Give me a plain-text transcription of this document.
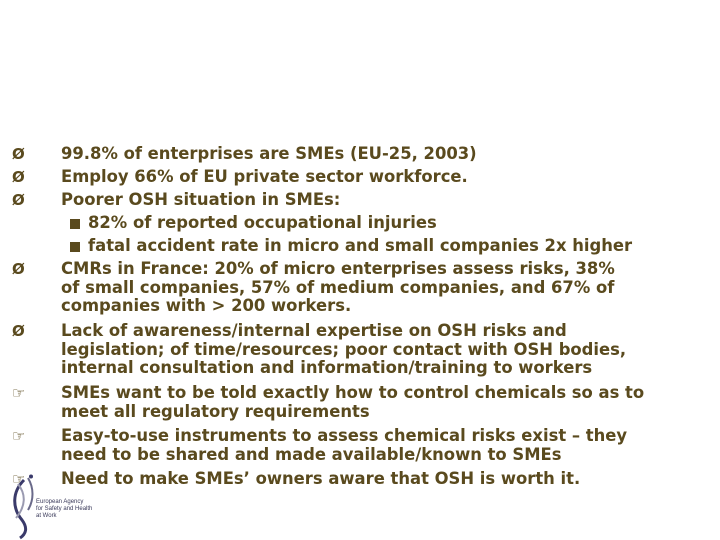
Ø	99.8% of enterprises are SMEs (EU-25, 2003)
Ø	Employ 66% of EU private sector workforce.
Ø	Poorer OSH situation in SMEs:
82% of reported occupational injuries
fatal accident rate in micro and small companies 2x higher
Ø	CMRs in France: 20% of micro enterprises assess risks, 38%
of small companies, 57% of medium companies, and 67% of
companies with > 200 workers.
Ø	Lack of awareness/internal expertise on OSH risks and
legislation; of time/resources; poor contact with OSH bodies,
internal consultation and information/training to workers
☞	SMEs want to be told exactly how to control chemicals so as to
meet all regulatory requirements
☞	Easy-to-use instruments to assess chemical risks exist – they
need to be shared and made available/known to SMEs
☞	Need to make SMEs’ owners aware that OSH is worth it.
European Agency
for Safety and Health
at Work
